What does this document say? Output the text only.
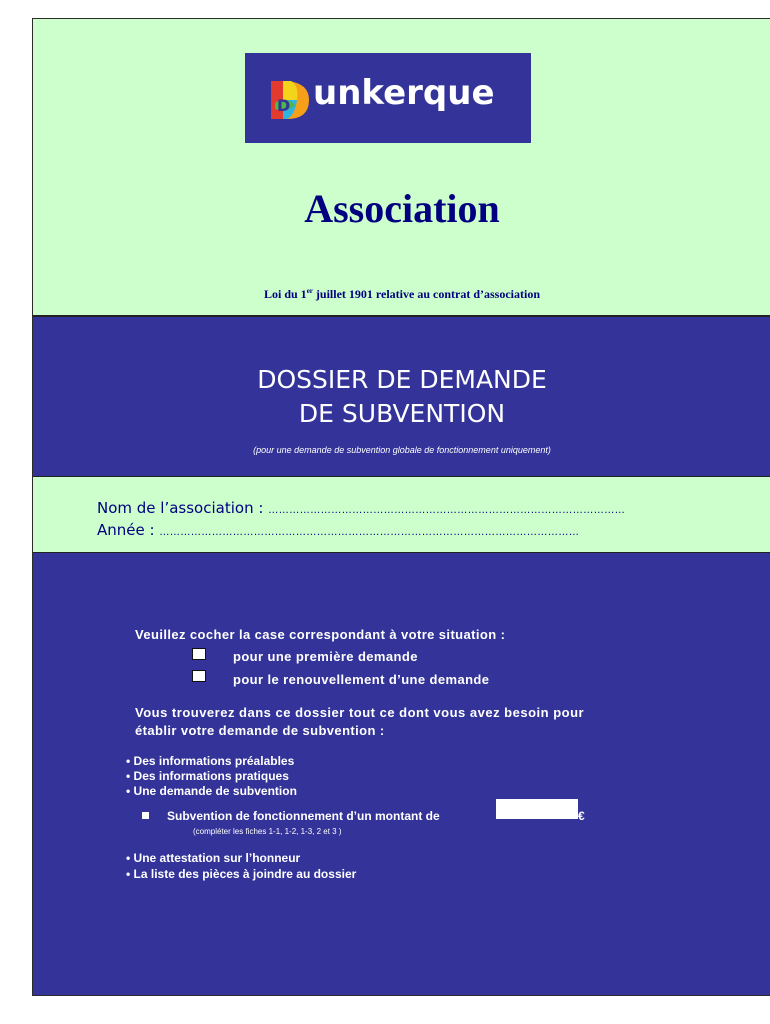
D unkerque
Association
Loi du 1er juillet 1901 relative au contrat d’association
DOSSIER DE DEMANDE
DE SUBVENTION
(pour une demande de subvention globale de fonctionnement uniquement)
Nom de l’association : …………………………………………………………………………………………
Année : …………………………………………………………………………………………………………
Veuillez cocher la case correspondant à votre situation :
pour une première demande
pour le renouvellement d’une demande
Vous trouverez dans ce dossier tout ce dont vous avez besoin pour
établir votre demande de subvention :
• Des informations préalables
• Des informations pratiques
• Une demande de subvention
Subvention de fonctionnement d’un montant de	€
(compléter les fiches 1-1, 1-2, 1-3, 2 et 3 )
• Une attestation sur l’honneur
• La liste des pièces à joindre au dossier
